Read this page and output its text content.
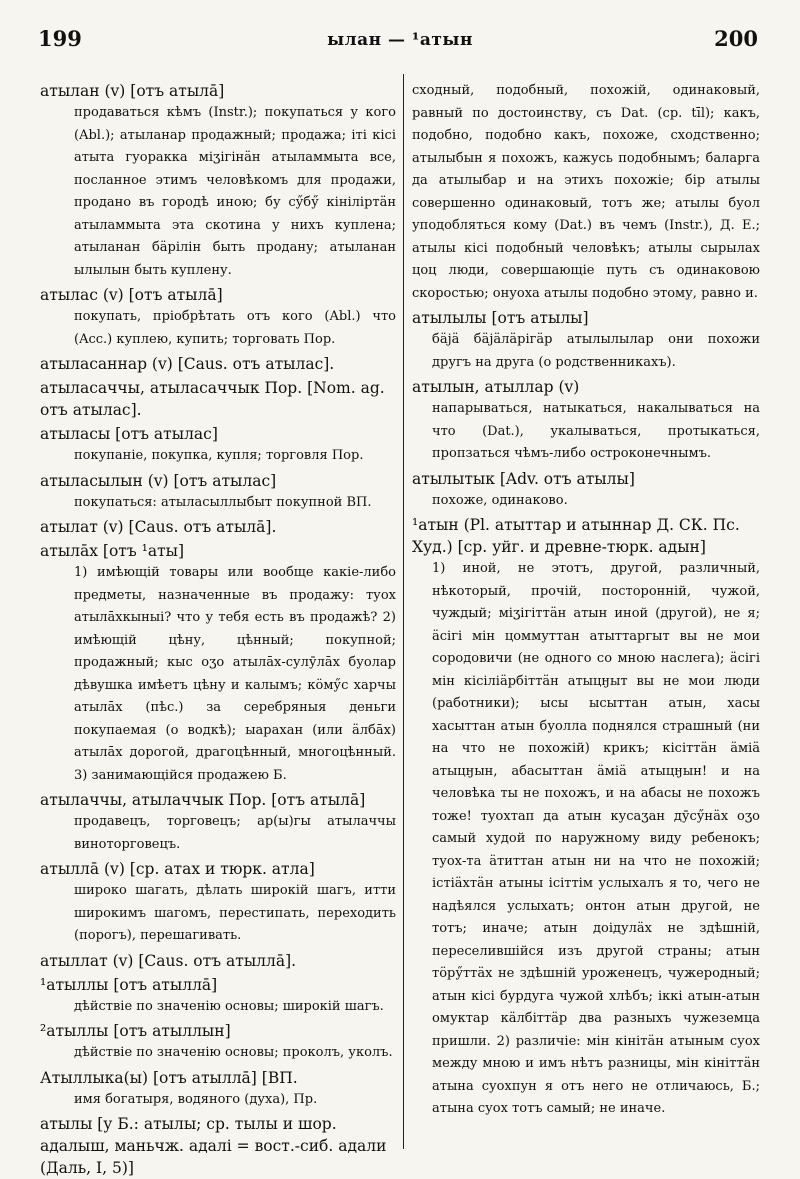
199	ылан — ¹атын	200
атылан (v) [отъ атыла̄]
продаваться кѣмъ (Instr.); покупаться у кого (Abl.); атыланар продажный; продажа; іті кісі атыта гуоракка міӡігінӓн атыламмыта все, посланное этимъ человѣкомъ для продажи, продано въ городѣ иною; бу сӳбӳ кініліртӓн атыламмыта эта скотина у нихъ куплена; атыланан бӓрілін быть продану; атыланан ылылын быть куплену.
атылас (v) [отъ атыла̄]
покупать, пріобрѣтать отъ кого (Abl.) что (Acc.) куплею, купить; торговать Пор.
атыласаннар (v) [Caus. отъ атылас].
атыласаччы, атыласаччык Пор. [Nom. ag. отъ атылас].
атыласы [отъ атылас]
покупаніе, покупка, купля; торговля Пор.
атыласылын (v) [отъ атылас]
покупаться: атыласыллыбыт покупной ВП.
атылат (v) [Caus. отъ атыла̄].
атыла̄х [отъ ¹аты]
1) имѣющій товары или вообще какіе-либо предметы, назначенные въ продажу: туох атыла̄хкыныі? что у тебя есть въ продажѣ? 2) имѣющій цѣну, цѣнный; покупной; продажный; кыс оӡо атыла̄х-сулӯла̄х буолар дѣвушка имѣетъ цѣну и калымъ; кӧмӳс харчы атыла̄х (пѣс.) за серебряныя деньги покупаемая (о водкѣ); ыарахан (или ӓлба̄х) атыла̄х дорогой, драгоцѣнный, многоцѣнный. 3) занимающійся продажею Б.
атылаччы, атылаччык Пор. [отъ атыла̄]
продавецъ, торговецъ; ар(ы)гы атылаччы виноторговецъ.
атылла̄ (v) [ср. атах и тюрк. атла]
широко шагать, дѣлать широкій шагъ, итти широкимъ шагомъ, перестипать, переходить (порогъ), перешагивать.
атыллат (v) [Caus. отъ атылла̄].
¹атыллы [отъ атылла̄]
дѣйствіе по значенію основы; широкій шагъ.
²атыллы [отъ атыллын]
дѣйствіе по значенію основы; проколъ, уколъ.
Атыллыка(ы) [отъ атылла̄] [ВП.
имя богатыря, водяного (духа), Пр.
атылы [у Б.: атылы; ср. тылы и шор. адалыш, маньчж. адалі = вост.-сиб. адали (Даль, I, 5)]
сходный, подобный, похожій, одинаковый, равный по достоинству, съ Dat. (ср. tīl); какъ, подобно, подобно какъ, похоже, сходственно; атылыбын я похожъ, кажусь подобнымъ; баларга да атылыбар и на этихъ похожіе; бір атылы совершенно одинаковый, тотъ же; атылы буол уподобляться кому (Dat.) въ чемъ (Instr.), Д. Е.; атылы кісі подобный человѣкъ; атылы сырылах цоц люди, совершающіе путь съ одинаковою скоростью; онуоха атылы подобно этому, равно и.
атылылы [отъ атылы]
бӓјӓ бӓјӓлӓрігӓр атылылылар они похожи другъ на друга (о родственникахъ).
атылын, атыллар (v)
напарываться, натыкаться, накалываться на что (Dat.), укалываться, протыкаться, пропзаться чѣмъ-либо остроконечнымъ.
атылытык [Adv. отъ атылы]
похоже, одинаково.
¹атын (Pl. атыттар и атыннар Д. СК. Пс. Худ.) [ср. уйг. и древне-тюрк. адын]
1) иной, не этотъ, другой, различный, нѣкоторый, прочій, посторонній, чужой, чуждый; міӡігіттӓн атын иной (другой), не я; ӓсігі мін цоммуттан атыттаргыт вы не мои сородовичи (не одного со мною наслега); ӓсігі мін кісіліӓрбіттӓн атыцӈыт вы не мои люди (работники); ысы ысыттан атын, хасы хасыттан атын буолла поднялся страшный (ни на что не похожій) крикъ; кісіттӓн ӓміӓ атыцӈын, абасыттан ӓміӓ атыцӈын! и на человѣка ты не похожъ, и на абасы не похожъ тоже! туохтап да атын кусаӡан дӯсӳнӓх оӡо самый худой по наружному виду ребенокъ; туох-та ӓтиттан атын ни на что не похожій; істіӓхтӓн атыны ісіттім услыхалъ я то, чего не надѣялся услыхать; онтон атын другой, не тотъ; иначе; атын доідулӓх не здѣшній, переселившійся изъ другой страны; атын тӧрӳттӓх не здѣшній уроженецъ, чужеродный; атын кісі бурдуга чужой хлѣбъ; іккі атын-атын омуктар кӓлбіттӓр два разныхъ чужеземца пришли. 2) различіе: мін кінітӓн атыным суох между мною и имъ нѣтъ разницы, мін кініттӓн атына суохпун я отъ него не отличаюсь, Б.; атына суох тотъ самый; не иначе.
